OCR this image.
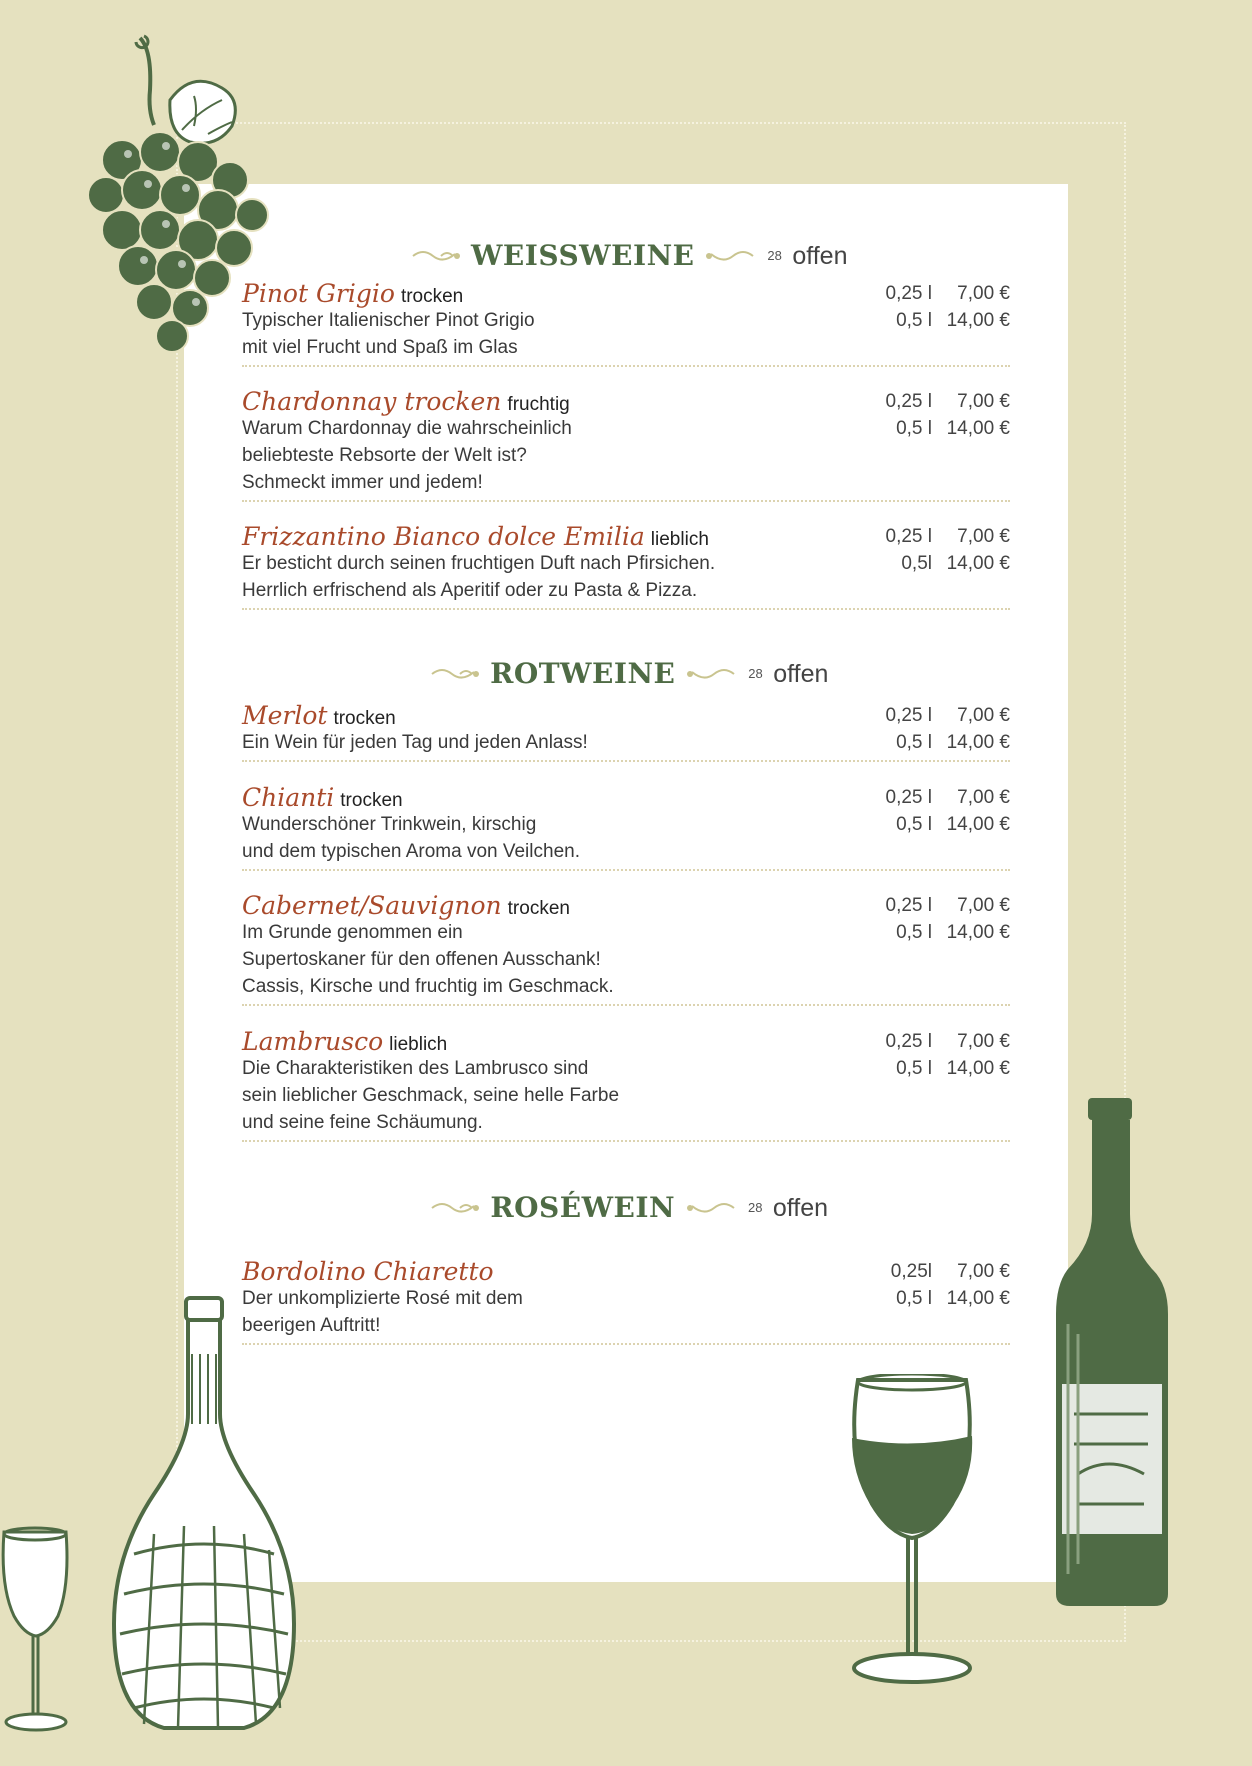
WEISSWEINE	28 offen
Pinot Grigio trocken	0,25 l	7,00 €
Typischer Italienischer Pinot Grigio	0,5 l 14,00 €
mit viel Frucht und Spaß im Glas
Chardonnay trocken fruchtig	0,25 l	7,00 €
Warum Chardonnay die wahrscheinlich	0,5 l 14,00 €
beliebteste Rebsorte der Welt ist?
Schmeckt immer und jedem!
Frizzantino Bianco dolce Emilia lieblich	0,25 l	7,00 €
Er besticht durch seinen fruchtigen Duft nach Pfirsichen.	0,5l 14,00 €
Herrlich erfrischend als Aperitif oder zu Pasta & Pizza.
ROTWEINE	28 offen
Merlot trocken	0,25 l	7,00 €
Ein Wein für jeden Tag und jeden Anlass!	0,5 l 14,00 €
Chianti trocken	0,25 l	7,00 €
Wunderschöner Trinkwein, kirschig	0,5 l 14,00 €
und dem typischen Aroma von Veilchen.
Cabernet/Sauvignon trocken	0,25 l	7,00 €
Im Grunde genommen ein	0,5 l 14,00 €
Supertoskaner für den offenen Ausschank!
Cassis, Kirsche und fruchtig im Geschmack.
Lambrusco lieblich	0,25 l	7,00 €
Die Charakteristiken des Lambrusco sind	0,5 l 14,00 €
sein lieblicher Geschmack, seine helle Farbe
und seine feine Schäumung.
ROSÉWEIN	28 offen
Bordolino Chiaretto	0,25l	7,00 €
Der unkomplizierte Rosé mit dem	0,5 l 14,00 €
beerigen Auftritt!
